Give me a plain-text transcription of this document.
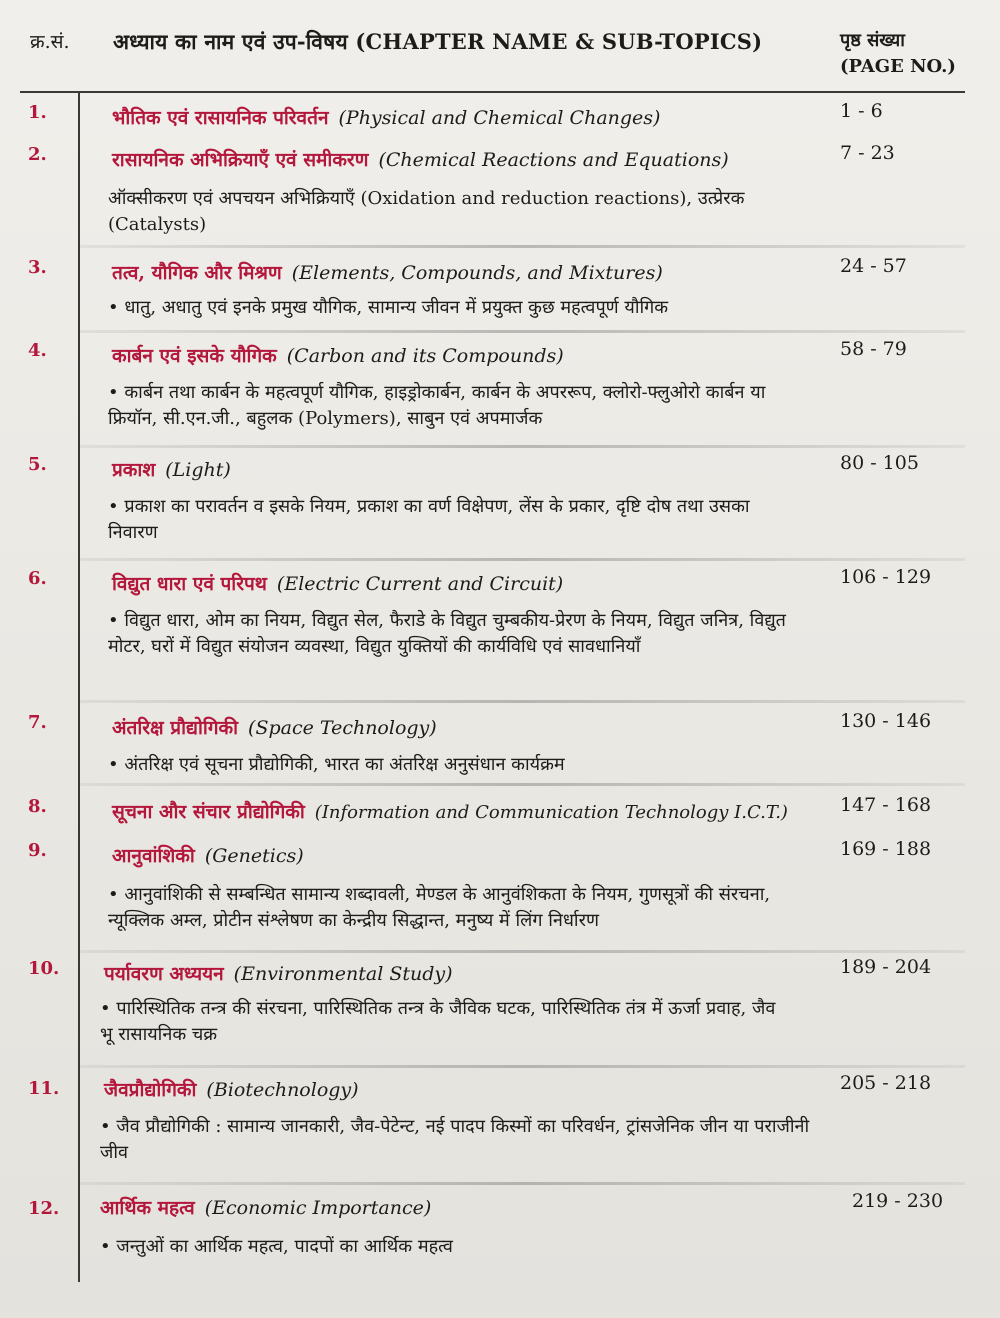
क्र.सं. अध्याय का नाम एवं उप-विषय (CHAPTER NAME & SUB-TOPICS)	पृष्ठ संख्या
(PAGE NO.)
1.	भौतिक एवं रासायनिक परिवर्तन (Physical and Chemical Changes)	1 - 6
2.	रासायनिक अभिक्रियाएँ एवं समीकरण (Chemical Reactions and Equations)	7 - 23
ऑक्सीकरण एवं अपचयन अभिक्रियाएँ (Oxidation and reduction reactions), उत्प्रेरक (Catalysts)
3.	तत्व, यौगिक और मिश्रण (Elements, Compounds, and Mixtures)	24 - 57
• धातु, अधातु एवं इनके प्रमुख यौगिक, सामान्य जीवन में प्रयुक्त कुछ महत्वपूर्ण यौगिक
4.	कार्बन एवं इसके यौगिक (Carbon and its Compounds)	58 - 79
• कार्बन तथा कार्बन के महत्वपूर्ण यौगिक, हाइड्रोकार्बन, कार्बन के अपररूप, क्लोरो-फ्लुओरो कार्बन या फ्रियॉन, सी.एन.जी., बहुलक (Polymers), साबुन एवं अपमार्जक
5.	प्रकाश (Light)	80 - 105
• प्रकाश का परावर्तन व इसके नियम, प्रकाश का वर्ण विक्षेपण, लेंस के प्रकार, दृष्टि दोष तथा उसका निवारण
6.	विद्युत धारा एवं परिपथ (Electric Current and Circuit)	106 - 129
• विद्युत धारा, ओम का नियम, विद्युत सेल, फैराडे के विद्युत चुम्बकीय-प्रेरण के नियम, विद्युत जनित्र, विद्युत मोटर, घरों में विद्युत संयोजन व्यवस्था, विद्युत युक्तियों की कार्यविधि एवं सावधानियाँ
7.	अंतरिक्ष प्रौद्योगिकी (Space Technology)	130 - 146
• अंतरिक्ष एवं सूचना प्रौद्योगिकी, भारत का अंतरिक्ष अनुसंधान कार्यक्रम
8.	सूचना और संचार प्रौद्योगिकी (Information and Communication Technology I.C.T.)	147 - 168
9.	आनुवांशिकी (Genetics)	169 - 188
• आनुवांशिकी से सम्बन्धित सामान्य शब्दावली, मेण्डल के आनुवंशिकता के नियम, गुणसूत्रों की संरचना, न्यूक्लिक अम्ल, प्रोटीन संश्लेषण का केन्द्रीय सिद्धान्त, मनुष्य में लिंग निर्धारण
10. पर्यावरण अध्ययन (Environmental Study)	189 - 204
• पारिस्थितिक तन्त्र की संरचना, पारिस्थितिक तन्त्र के जैविक घटक, पारिस्थितिक तंत्र में ऊर्जा प्रवाह, जैव भू रासायनिक चक्र
11. जैवप्रौद्योगिकी (Biotechnology)	205 - 218
• जैव प्रौद्योगिकी : सामान्य जानकारी, जैव-पेटेन्ट, नई पादप किस्मों का परिवर्धन, ट्रांसजेनिक जीन या पराजीनी जीव
12. आर्थिक महत्व (Economic Importance)	219 - 230
• जन्तुओं का आर्थिक महत्व, पादपों का आर्थिक महत्व
